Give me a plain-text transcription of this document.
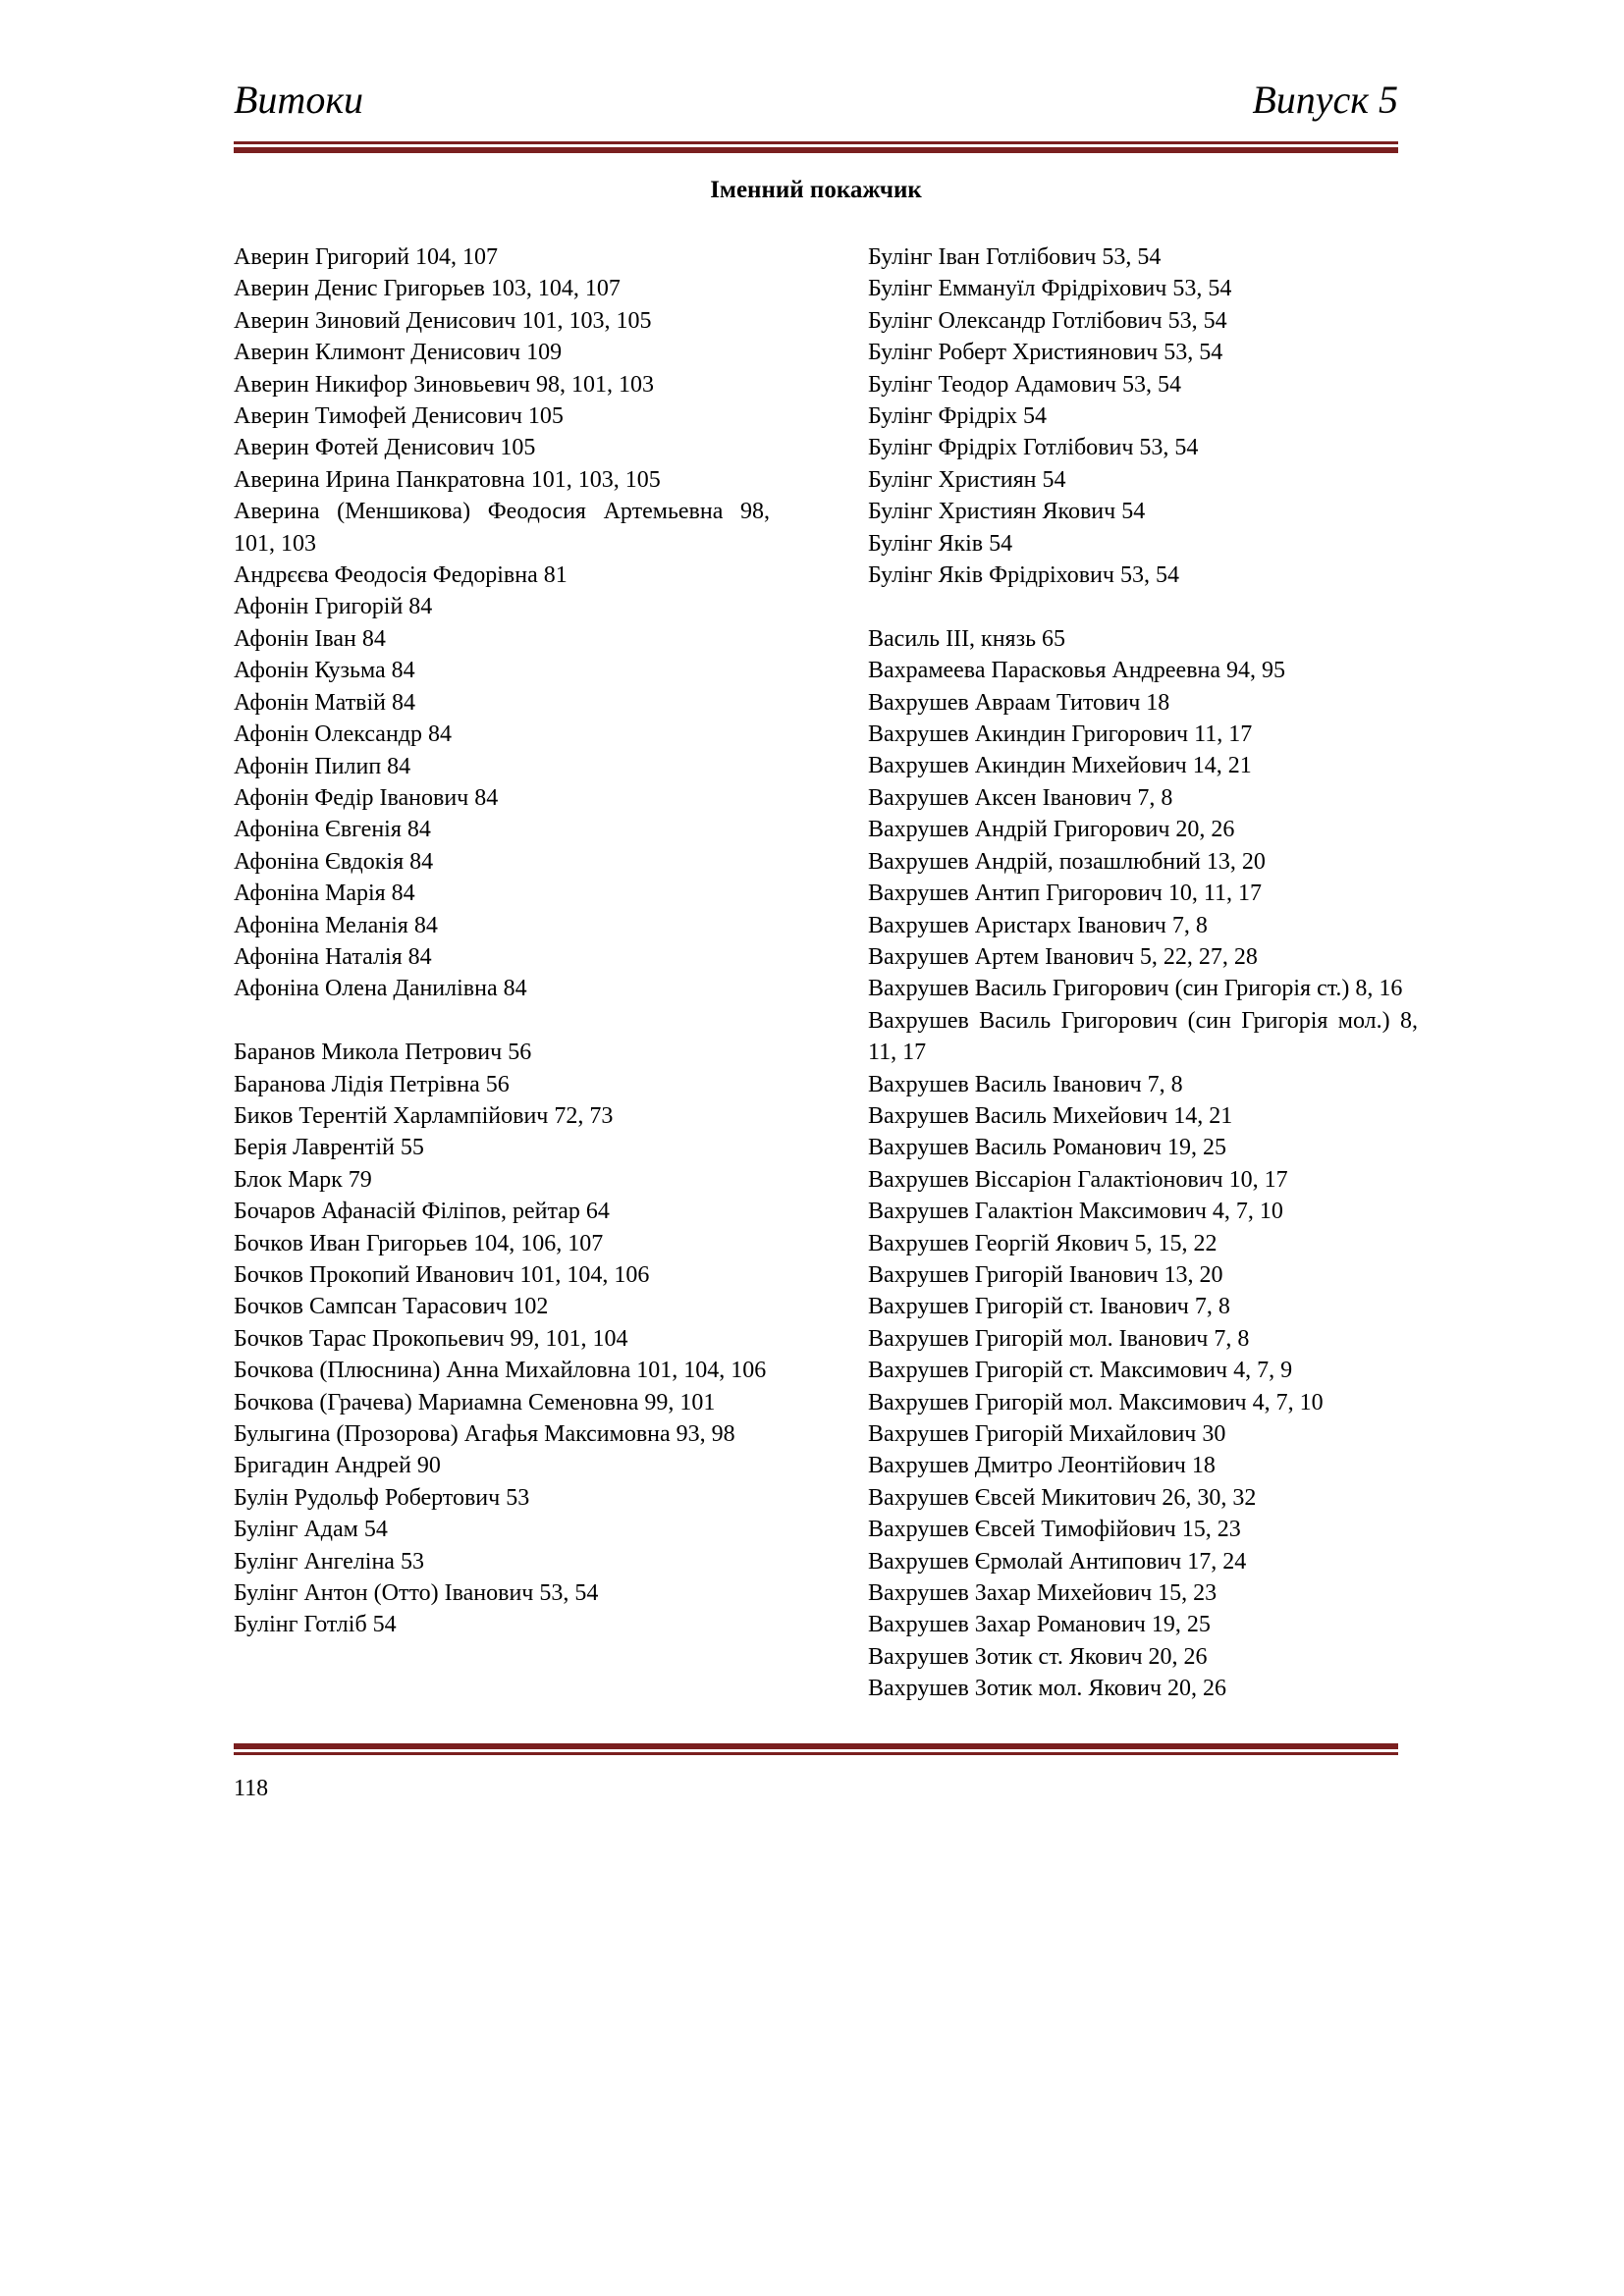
Витоки	Випуск 5
Іменний покажчик
Аверин Григорий 104, 107
Аверин Денис Григорьев 103, 104, 107
Аверин Зиновий Денисович 101, 103, 105
Аверин Климонт Денисович 109
Аверин Никифор Зиновьевич 98, 101, 103
Аверин Тимофей Денисович 105
Аверин Фотей Денисович 105
Аверина Ирина Панкратовна 101, 103, 105
Аверина (Меншикова) Феодосия Артемьевна 98, 101, 103
Андрєєва Феодосія Федорівна 81
Афонін Григорій 84
Афонін Іван 84
Афонін Кузьма 84
Афонін Матвій 84
Афонін Олександр 84
Афонін Пилип 84
Афонін Федір Іванович 84
Афоніна Євгенія 84
Афоніна Євдокія 84
Афоніна Марія 84
Афоніна Меланія 84
Афоніна Наталія 84
Афоніна Олена Данилівна 84
Баранов Микола Петрович 56
Баранова Лідія Петрівна 56
Биков Терентій Харлампійович 72, 73
Берія Лаврентій 55
Блок Марк 79
Бочаров Афанасій Філіпов, рейтар 64
Бочков Иван Григорьев 104, 106, 107
Бочков Прокопий Иванович 101, 104, 106
Бочков Сампсан Тарасович 102
Бочков Тарас Прокопьевич 99, 101, 104
Бочкова (Плюснина) Анна Михайловна 101, 104, 106
Бочкова (Грачева) Мариамна Семеновна 99, 101
Булыгина (Прозорова) Агафья Максимовна 93, 98
Бригадин Андрей 90
Булін Рудольф Робертович 53
Булінг Адам 54
Булінг Ангеліна 53
Булінг Антон (Отто) Іванович 53, 54
Булінг Готліб 54
Булінг Іван Готлібович 53, 54
Булінг Еммануїл Фрідріхович 53, 54
Булінг Олександр Готлібович 53, 54
Булінг Роберт Християнович 53, 54
Булінг Теодор Адамович 53, 54
Булінг Фрідріх 54
Булінг Фрідріх Готлібович 53, 54
Булінг Християн 54
Булінг Християн Якович 54
Булінг Яків 54
Булінг Яків Фрідріхович 53, 54
Василь ІІІ, князь 65
Вахрамеева Парасковья Андреевна 94, 95
Вахрушев Авраам Титович 18
Вахрушев Акиндин Григорович 11, 17
Вахрушев Акиндин Михейович 14, 21
Вахрушев Аксен Іванович 7, 8
Вахрушев Андрій Григорович 20, 26
Вахрушев Андрій, позашлюбний 13, 20
Вахрушев Антип Григорович 10, 11, 17
Вахрушев Аристарх Іванович 7, 8
Вахрушев Артем Іванович 5, 22, 27, 28
Вахрушев Василь Григорович (син Григорія ст.) 8, 16
Вахрушев Василь Григорович (син Григорія мол.) 8, 11, 17
Вахрушев Василь Іванович 7, 8
Вахрушев Василь Михейович 14, 21
Вахрушев Василь Романович 19, 25
Вахрушев Віссаріон Галактіонович 10, 17
Вахрушев Галактіон Максимович 4, 7, 10
Вахрушев Георгій Якович 5, 15, 22
Вахрушев Григорій Іванович 13, 20
Вахрушев Григорій ст. Іванович 7, 8
Вахрушев Григорій мол. Іванович 7, 8
Вахрушев Григорій ст. Максимович 4, 7, 9
Вахрушев Григорій мол. Максимович 4, 7, 10
Вахрушев Григорій Михайлович 30
Вахрушев Дмитро Леонтійович 18
Вахрушев Євсей Микитович 26, 30, 32
Вахрушев Євсей Тимофійович 15, 23
Вахрушев Єрмолай Антипович 17, 24
Вахрушев Захар Михейович 15, 23
Вахрушев Захар Романович 19, 25
Вахрушев Зотик ст. Якович 20, 26
Вахрушев Зотик мол. Якович 20, 26
118
